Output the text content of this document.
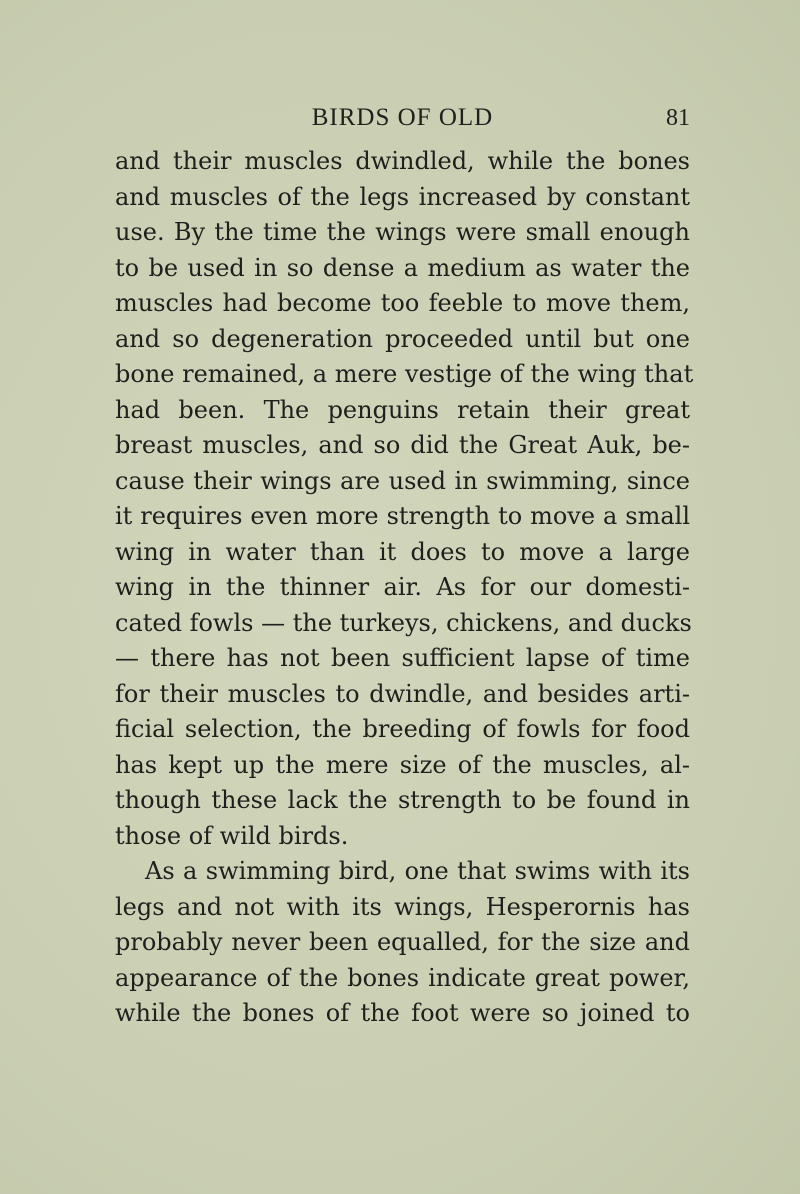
BIRDS OF OLD	81
and their muscles dwindled, while the bones
and muscles of the legs increased by constant
use. By the time the wings were small enough
to be used in so dense a medium as water the
muscles had become too feeble to move them,
and so degeneration proceeded until but one
bone remained, a mere vestige of the wing that
had been. The penguins retain their great
breast muscles, and so did the Great Auk, be-
cause their wings are used in swimming, since
it requires even more strength to move a small
wing in water than it does to move a large
wing in the thinner air. As for our domesti-
cated fowls — the turkeys, chickens, and ducks
— there has not been sufficient lapse of time
for their muscles to dwindle, and besides arti-
ficial selection, the breeding of fowls for food
has kept up the mere size of the muscles, al-
though these lack the strength to be found in
those of wild birds.
As a swimming bird, one that swims with its
legs and not with its wings, Hesperornis has
probably never been equalled, for the size and
appearance of the bones indicate great power,
while the bones of the foot were so joined to
